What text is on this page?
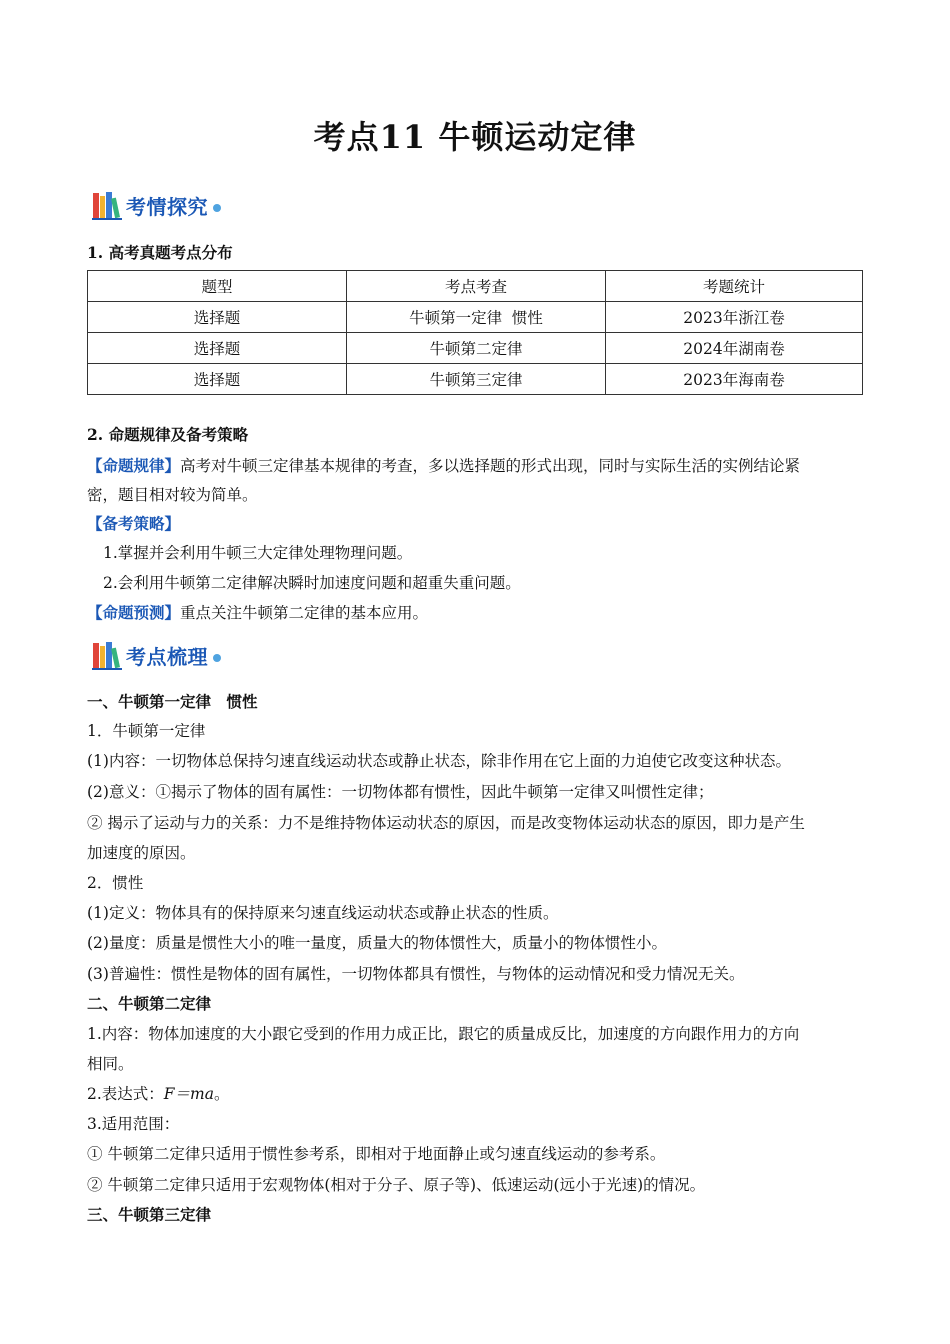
考点11 牛顿运动定律
考情探究
1. 高考真题考点分布
题型	考点考查	考题统计
选择题	牛顿第一定律  惯性	2023年浙江卷
选择题	牛顿第二定律	2024年湖南卷
选择题	牛顿第三定律	2023年海南卷
2. 命题规律及备考策略
【命题规律】高考对牛顿三定律基本规律的考查，多以选择题的形式出现，同时与实际生活的实例结论紧
密，题目相对较为简单。
【备考策略】
1.掌握并会利用牛顿三大定律处理物理问题。
2.会利用牛顿第二定律解决瞬时加速度问题和超重失重问题。
【命题预测】重点关注牛顿第二定律的基本应用。
考点梳理
一、牛顿第一定律　惯性
1．牛顿第一定律
(1)内容：一切物体总保持匀速直线运动状态或静止状态，除非作用在它上面的力迫使它改变这种状态。
(2)意义：①揭示了物体的固有属性：一切物体都有惯性，因此牛顿第一定律又叫惯性定律；
② 揭示了运动与力的关系：力不是维持物体运动状态的原因，而是改变物体运动状态的原因，即力是产生
加速度的原因。
2．惯性
(1)定义：物体具有的保持原来匀速直线运动状态或静止状态的性质。
(2)量度：质量是惯性大小的唯一量度，质量大的物体惯性大，质量小的物体惯性小。
(3)普遍性：惯性是物体的固有属性，一切物体都具有惯性，与物体的运动情况和受力情况无关。
二、牛顿第二定律
1.内容：物体加速度的大小跟它受到的作用力成正比，跟它的质量成反比，加速度的方向跟作用力的方向
相同。
2.表达式：F＝ma。
3.适用范围：
① 牛顿第二定律只适用于惯性参考系，即相对于地面静止或匀速直线运动的参考系。
② 牛顿第二定律只适用于宏观物体(相对于分子、原子等)、低速运动(远小于光速)的情况。
三、牛顿第三定律
